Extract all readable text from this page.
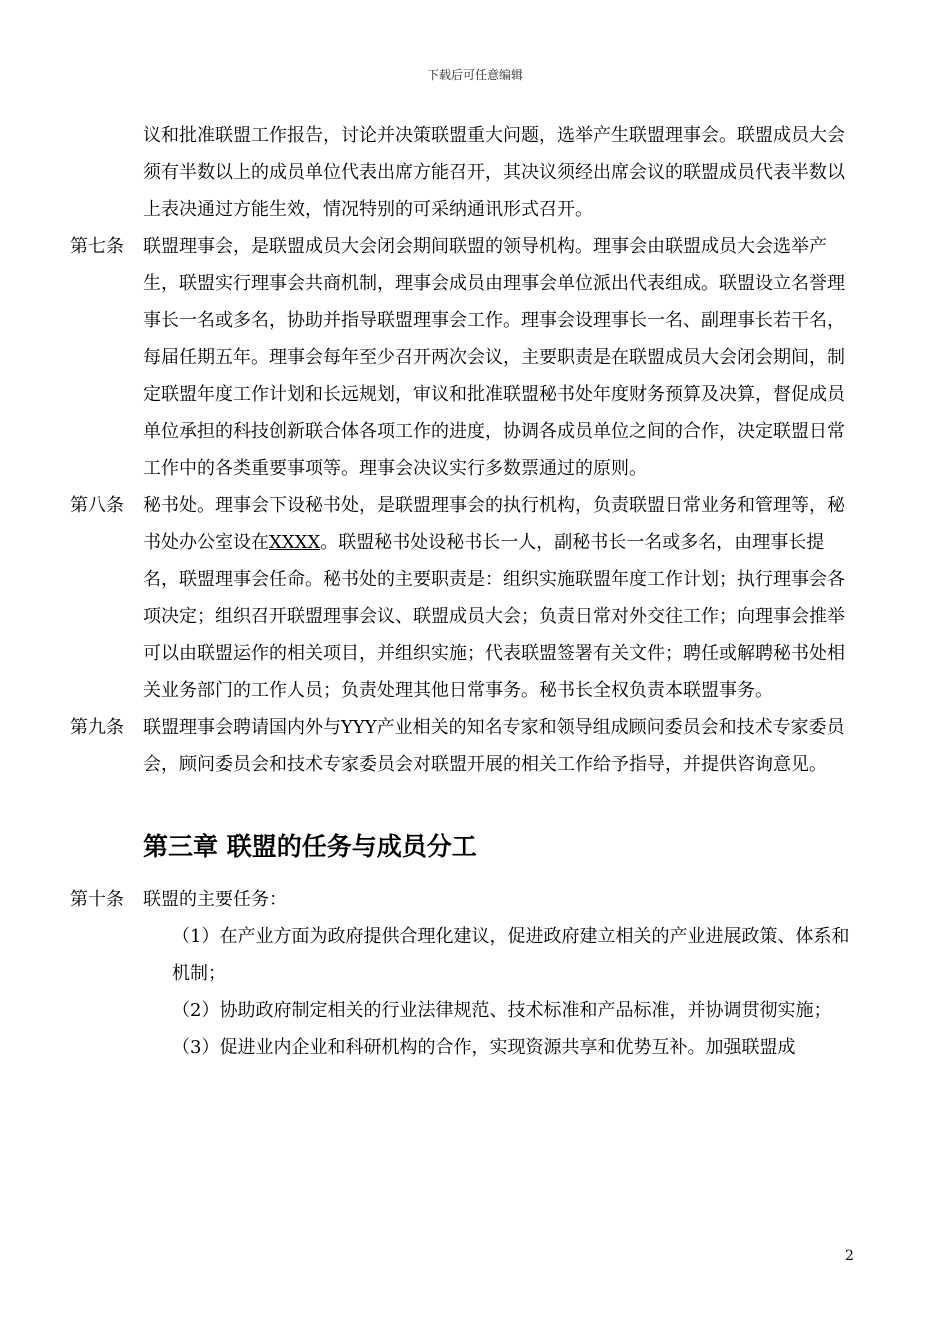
下载后可任意编辑

议和批准联盟工作报告，讨论并决策联盟重大问题，选举产生联盟理事会。联盟成员大会须有半数以上的成员单位代表出席方能召开，其决议须经出席会议的联盟成员代表半数以上表决通过方能生效，情况特别的可采纳通讯形式召开。

第七条	联盟理事会，是联盟成员大会闭会期间联盟的领导机构。理事会由联盟成员大会选举产生，联盟实行理事会共商机制，理事会成员由理事会单位派出代表组成。联盟设立名誉理事长一名或多名，协助并指导联盟理事会工作。理事会设理事长一名、副理事长若干名，每届任期五年。理事会每年至少召开两次会议，主要职责是在联盟成员大会闭会期间，制定联盟年度工作计划和长远规划，审议和批准联盟秘书处年度财务预算及决算，督促成员单位承担的科技创新联合体各项工作的进度，协调各成员单位之间的合作，决定联盟日常工作中的各类重要事项等。理事会决议实行多数票通过的原则。
第八条	秘书处。理事会下设秘书处，是联盟理事会的执行机构，负责联盟日常业务和管理等，秘书处办公室设在XXXX。联盟秘书处设秘书长一人，副秘书长一名或多名，由理事长提名，联盟理事会任命。秘书处的主要职责是：组织实施联盟年度工作计划；执行理事会各项决定；组织召开联盟理事会议、联盟成员大会；负责日常对外交往工作；向理事会推举可以由联盟运作的相关项目，并组织实施；代表联盟签署有关文件；聘任或解聘秘书处相关业务部门的工作人员；负责处理其他日常事务。秘书长全权负责本联盟事务。
第九条	联盟理事会聘请国内外与YYY产业相关的知名专家和领导组成顾问委员会和技术专家委员会，顾问委员会和技术专家委员会对联盟开展的相关工作给予指导，并提供咨询意见。
第三章 联盟的任务与成员分工
第十条	联盟的主要任务：
（1）在产业方面为政府提供合理化建议，促进政府建立相关的产业进展政策、体系和机制；
（2）协助政府制定相关的行业法律规范、技术标准和产品标准，并协调贯彻实施；
（3）促进业内企业和科研机构的合作，实现资源共享和优势互补。加强联盟成
2
